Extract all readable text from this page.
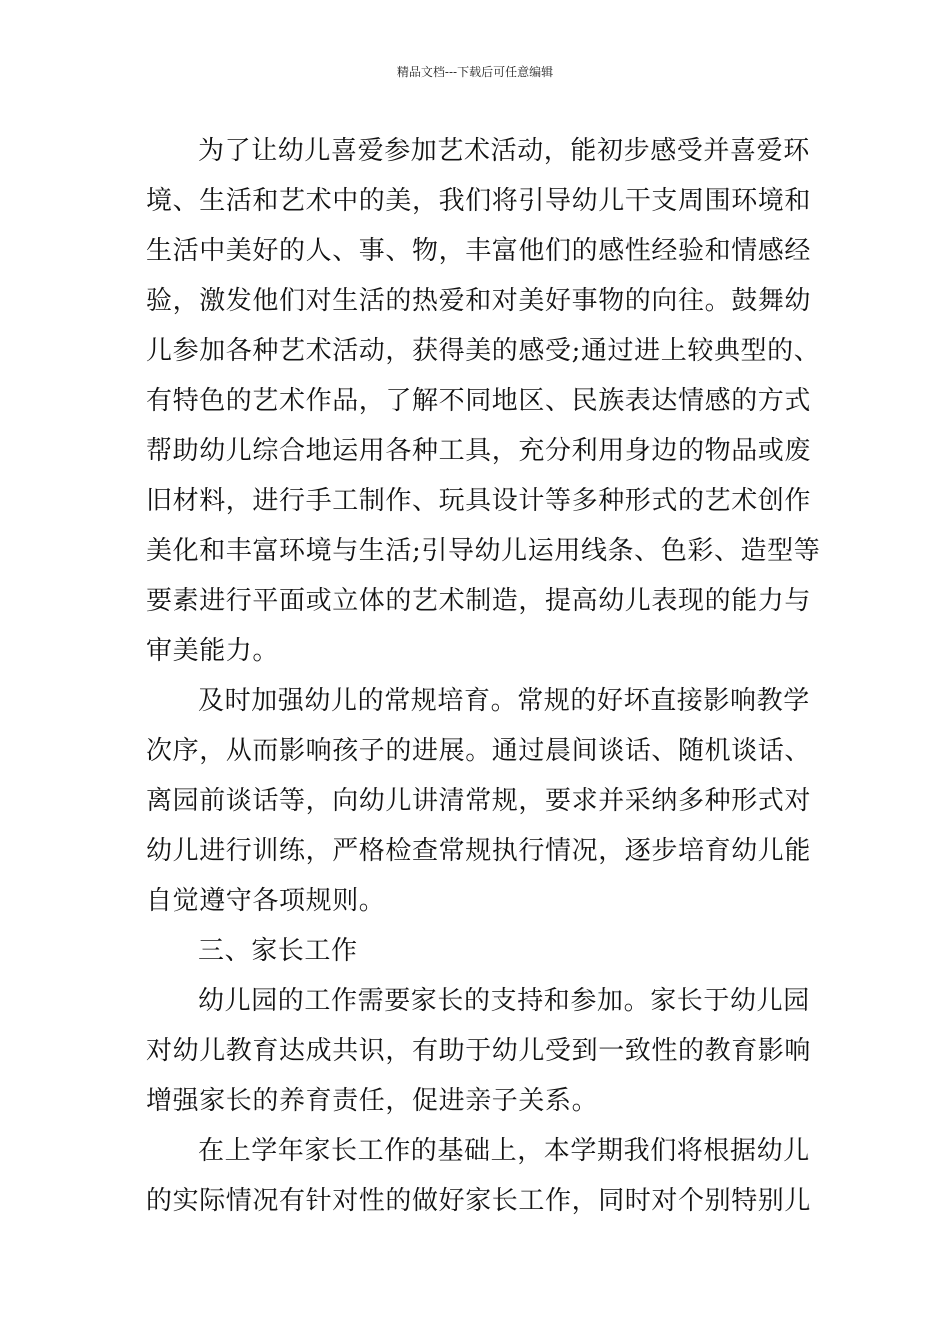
精品文档---下载后可任意编辑
为了让幼儿喜爱参加艺术活动，能初步感受并喜爱环
境、生活和艺术中的美，我们将引导幼儿干支周围环境和
生活中美好的人、事、物，丰富他们的感性经验和情感经
验，激发他们对生活的热爱和对美好事物的向往。鼓舞幼
儿参加各种艺术活动，获得美的感受;通过进上较典型的、
有特色的艺术作品，了解不同地区、民族表达情感的方式
帮助幼儿综合地运用各种工具，充分利用身边的物品或废
旧材料，进行手工制作、玩具设计等多种形式的艺术创作
美化和丰富环境与生活;引导幼儿运用线条、色彩、造型等
要素进行平面或立体的艺术制造，提高幼儿表现的能力与
审美能力。
及时加强幼儿的常规培育。常规的好坏直接影响教学
次序，从而影响孩子的进展。通过晨间谈话、随机谈话、
离园前谈话等，向幼儿讲清常规，要求并采纳多种形式对
幼儿进行训练，严格检查常规执行情况，逐步培育幼儿能
自觉遵守各项规则。
三、家长工作
幼儿园的工作需要家长的支持和参加。家长于幼儿园
对幼儿教育达成共识，有助于幼儿受到一致性的教育影响
增强家长的养育责任，促进亲子关系。
在上学年家长工作的基础上，本学期我们将根据幼儿
的实际情况有针对性的做好家长工作，同时对个别特别儿
